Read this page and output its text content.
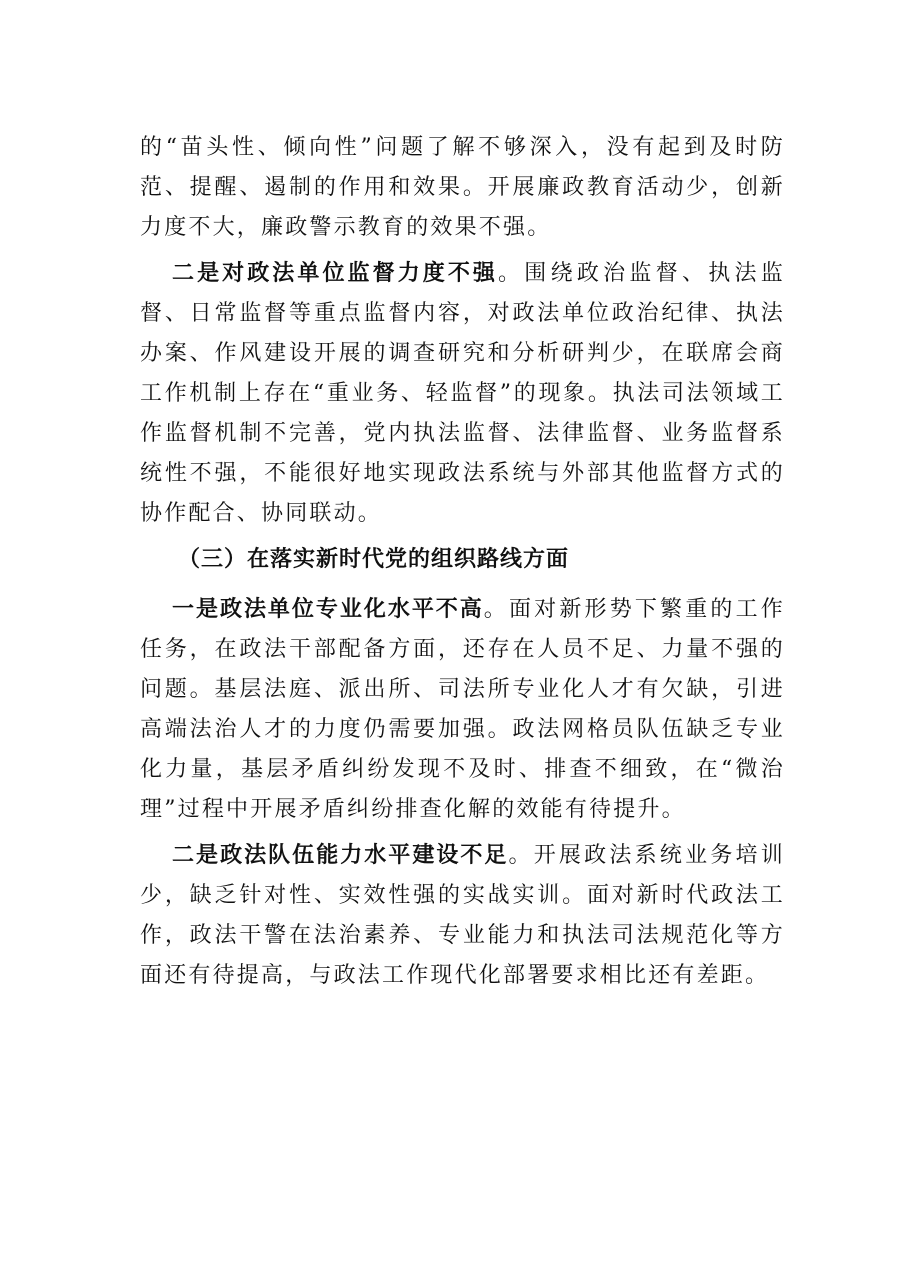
的“苗头性、倾向性”问题了解不够深入，没有起到及时防范、提醒、遏制的作用和效果。开展廉政教育活动少，创新力度不大，廉政警示教育的效果不强。

二是对政法单位监督力度不强。围绕政治监督、执法监督、日常监督等重点监督内容，对政法单位政治纪律、执法办案、作风建设开展的调查研究和分析研判少，在联席会商工作机制上存在“重业务、轻监督”的现象。执法司法领域工作监督机制不完善，党内执法监督、法律监督、业务监督系统性不强，不能很好地实现政法系统与外部其他监督方式的协作配合、协同联动。

（三）在落实新时代党的组织路线方面

一是政法单位专业化水平不高。面对新形势下繁重的工作任务，在政法干部配备方面，还存在人员不足、力量不强的问题。基层法庭、派出所、司法所专业化人才有欠缺，引进高端法治人才的力度仍需要加强。政法网格员队伍缺乏专业化力量，基层矛盾纠纷发现不及时、排查不细致，在“微治理”过程中开展矛盾纠纷排查化解的效能有待提升。

二是政法队伍能力水平建设不足。开展政法系统业务培训少，缺乏针对性、实效性强的实战实训。面对新时代政法工作，政法干警在法治素养、专业能力和执法司法规范化等方面还有待提高，与政法工作现代化部署要求相比还有差距。
